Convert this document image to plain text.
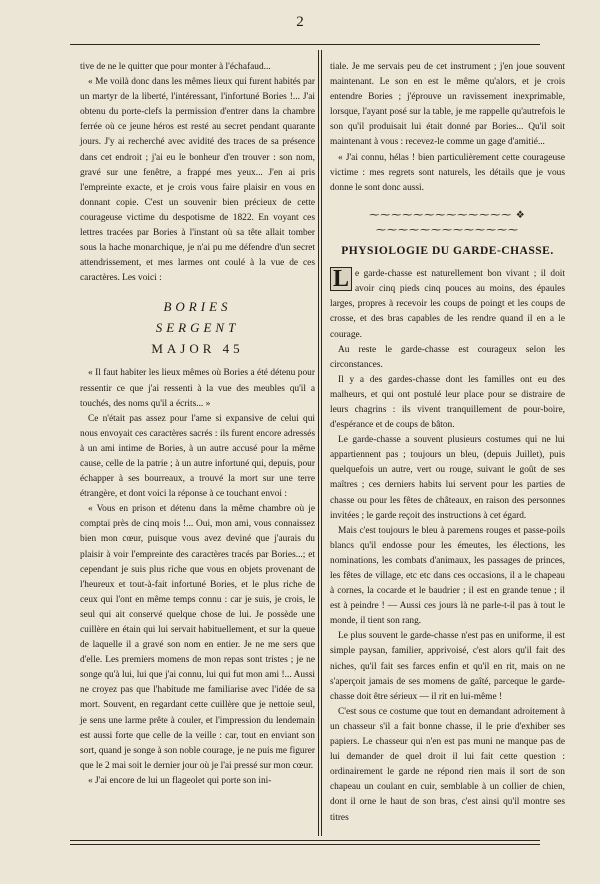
2

tive de ne le quitter que pour monter à l'échafaud...

« Me voilà donc dans les mêmes lieux qui furent habités par un martyr de la liberté, l'intéressant, l'infortuné Bories !... J'ai obtenu du porte-clefs la permission d'entrer dans la chambre ferrée où ce jeune héros est resté au secret pendant quarante jours. J'y ai recherché avec avidité des traces de sa présence dans cet endroit ; j'ai eu le bonheur d'en trouver : son nom, gravé sur une fenêtre, a frappé mes yeux... J'en ai pris l'empreinte exacte, et je crois vous faire plaisir en vous en donnant copie. C'est un souvenir bien précieux de cette courageuse victime du despotisme de 1822. En voyant ces lettres tracées par Bories à l'instant où sa tête allait tomber sous la hache monarchique, je n'ai pu me défendre d'un secret attendrissement, et mes larmes ont coulé à la vue de ces caractères. Les voici :

BORIES
SERGENT
MAJOR 45

« Il faut habiter les lieux mêmes où Bories a été détenu pour ressentir ce que j'ai ressenti à la vue des meubles qu'il a touchés, des noms qu'il a écrits... »

Ce n'était pas assez pour l'ame si expansive de celui qui nous envoyait ces caractères sacrés : ils furent encore adressés à un ami intime de Bories, à un autre accusé pour la même cause, celle de la patrie ; à un autre infortuné qui, depuis, pour échapper à ses bourreaux, a trouvé la mort sur une terre étrangère, et dont voici la réponse à ce touchant envoi :

« Vous en prison et détenu dans la même chambre où je comptai près de cinq mois !... Oui, mon ami, vous connaissez bien mon cœur, puisque vous avez deviné que j'aurais du plaisir à voir l'empreinte des caractères tracés par Bories...; et cependant je suis plus riche que vous en objets provenant de l'heureux et tout-à-fait infortuné Bories, et le plus riche de ceux qui l'ont en même temps connu : car je suis, je crois, le seul qui ait conservé quelque chose de lui. Je possède une cuillère en étain qui lui servait habituellement, et sur la queue de laquelle il a gravé son nom en entier. Je ne me sers que d'elle. Les premiers momens de mon repas sont tristes ; je ne songe qu'à lui, lui que j'ai connu, lui qui fut mon ami !... Aussi ne croyez pas que l'habitude me familiarise avec l'idée de sa mort. Souvent, en regardant cette cuillère que je nettoie seul, je sens une larme prête à couler, et l'impression du lendemain est aussi forte que celle de la veille : car, tout en enviant son sort, quand je songe à son noble courage, je ne puis me figurer que le 2 mai soit le dernier jour où je l'ai pressé sur mon cœur.

« J'ai encore de lui un flageolet qui porte son ini-

tiale. Je me servais peu de cet instrument ; j'en joue souvent maintenant. Le son en est le même qu'alors, et je crois entendre Bories ; j'éprouve un ravissement inexprimable, lorsque, l'ayant posé sur la table, je me rappelle qu'autrefois le son qu'il produisait lui était donné par Bories... Qu'il soit maintenant à vous : recevez-le comme un gage d'amitié...

« J'ai connu, hélas ! bien particulièrement cette courageuse victime : mes regrets sont naturels, les détails que je vous donne le sont donc aussi.

⁓⁓⁓⁓⁓⁓⁓⁓⁓⁓⁓⁓⁓ ❖ ⁓⁓⁓⁓⁓⁓⁓⁓⁓⁓⁓⁓⁓
PHYSIOLOGIE DU GARDE-CHASSE.

L e garde-chasse est naturellement bon vivant ; il doit avoir cinq pieds cinq pouces au moins, des épaules larges, propres à recevoir les coups de poingt et les coups de crosse, et des bras capables de les rendre quand il en a le courage.

Au reste le garde-chasse est courageux selon les circonstances.

Il y a des gardes-chasse dont les familles ont eu des malheurs, et qui ont postulé leur place pour se distraire de leurs chagrins : ils vivent tranquillement de pour-boire, d'espérance et de coups de bâton.

Le garde-chasse a souvent plusieurs costumes qui ne lui appartiennent pas ; toujours un bleu, (depuis Juillet), puis quelquefois un autre, vert ou rouge, suivant le goût de ses maîtres ; ces derniers habits lui servent pour les parties de chasse ou pour les fêtes de châteaux, en raison des personnes invitées ; le garde reçoit des instructions à cet égard.

Mais c'est toujours le bleu à paremens rouges et passe-poils blancs qu'il endosse pour les émeutes, les élections, les nominations, les combats d'animaux, les passages de princes, les fêtes de village, etc etc dans ces occasions, il a le chapeau à cornes, la cocarde et le baudrier ; il est en grande tenue ; il est à peindre ! — Aussi ces jours là ne parle-t-il pas à tout le monde, il tient son rang.

Le plus souvent le garde-chasse n'est pas en uniforme, il est simple paysan, familier, apprivoisé, c'est alors qu'il fait des niches, qu'il fait ses farces enfin et qu'il en rit, mais on ne s'aperçoit jamais de ses momens de gaîté, parceque le garde-chasse doit être sérieux — il rit en lui-même !

C'est sous ce costume que tout en demandant adroitement à un chasseur s'il a fait bonne chasse, il le prie d'exhiber ses papiers. Le chasseur qui n'en est pas muni ne manque pas de lui demander de quel droit il lui fait cette question : ordinairement le garde ne répond rien mais il sort de son chapeau un coulant en cuir, semblable à un collier de chien, dont il orne le haut de son bras, c'est ainsi qu'il montre ses titres
